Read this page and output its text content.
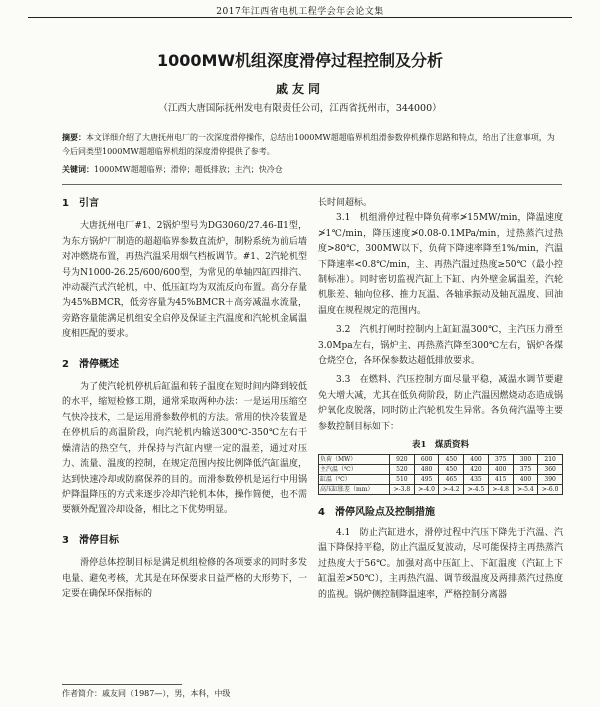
2017年江西省电机工程学会年会论文集
1000MW机组深度滑停过程控制及分析
戚友同
（江西大唐国际抚州发电有限责任公司，江西省抚州市，344000）
摘要：本文详细介绍了大唐抚州电厂的一次深度滑停操作，总结出1000MW超超临界机组滑参数停机操作思路和特点，给出了注意事项，为今后同类型1000MW超超临界机组的深度滑停提供了参考。
关键词：1000MW超超临界；滑停；超低排放；主汽；快冷仓
1　引言

大唐抚州电厂#1、2锅炉型号为DG3060/27.46-Ⅱ1型，为东方锅炉厂制造的超超临界参数直流炉，制粉系统为前后墙对冲燃烧布置，再热汽温采用烟气档板调节。#1、2汽轮机型号为N1000-26.25/600/600型，为常见的单轴四缸四排汽、冲动凝汽式汽轮机，中、低压缸均为双流反向布置。高分存量为45%BMCR，低旁容量为45%BMCR＋高旁减温水流量，旁路容量能满足机组安全启停及保证主汽温度和汽轮机金属温度相匹配的要求。

2　滑停概述

为了使汽轮机停机后缸温和转子温度在短时间内降到较低的水平，缩短检修工期，通常采取两种办法：一是运用压缩空气快冷技术，二是运用滑参数停机的方法。常用的快冷装置是在停机后的高温阶段，向汽轮机内输送300℃-350℃左右干燥清洁的热空气，并保持与汽缸内壁一定的温差，通过对压力、流量、温度的控制，在规定范围内按比例降低汽缸温度，达到快速冷却或防腐保养的目的。而滑参数停机是运行中用锅炉降温降压的方式来逐步冷却汽轮机本体，操作简便，也不需要额外配置冷却设备，相比之下优势明显。

3　滑停目标

滑停总体控制目标是满足机组检修的各项要求的同时多发电量、避免考核，尤其是在环保要求日益严格的大形势下，一定要在确保环保指标的

长时间超标。

3.1　机组滑停过程中降负荷率≯15MW/min，降温速度≯1℃/min，降压速度≯0.08-0.1MPa/min，过热蒸汽过热度>80℃，300MW以下，负荷下降速率降至1%/min，汽温下降速率<0.8℃/min，主、再热汽温过热度≥50℃（最小控制标准）。同时密切监视汽缸上下缸、内外壁金属温差，汽轮机胀差、轴向位移、推力瓦温、各轴承振动及轴瓦温度、回油温度在规程规定的范围内。

3.2　汽机打闸时控制内上缸缸温300℃，主汽压力滑至3.0Mpa左右，锅炉主、再热蒸汽降至300℃左右，锅炉各煤仓烧空仓，各环保参数达超低排放要求。

3.3　在燃料、汽压控制方面尽量平稳，减温水调节要避免大增大减，尤其在低负荷阶段，防止汽温因燃烧动态造成锅炉氧化皮脱落，同时防止汽轮机发生异常。各负荷汽温等主要参数控制目标如下：

表1　煤质资料
负荷（MW）	920	600	450	400	375	300	210
主汽温（℃）	520	480	450	420	400	375	360
缸温（℃）	510	495	465	435	415	400	390
高压缸胀差（mm）	>-3.8	>-4.0	>-4.2	>-4.5	>-4.8	>-5.4	>-6.0
4　滑停风险点及控制措施

4.1　防止汽缸进水，滑停过程中汽压下降先于汽温、汽温下降保持平稳，防止汽温反复波动，尽可能保持主再热蒸汽过热度大于56℃。加强对高中压缸上、下缸温度（汽缸上下缸温差≯50℃），主再热汽温、调节级温度及两排蒸汽过热度的监视。锅炉侧控制降温速率，严格控制分离器

作者简介：戚友同（1987—），男，本科，中级
